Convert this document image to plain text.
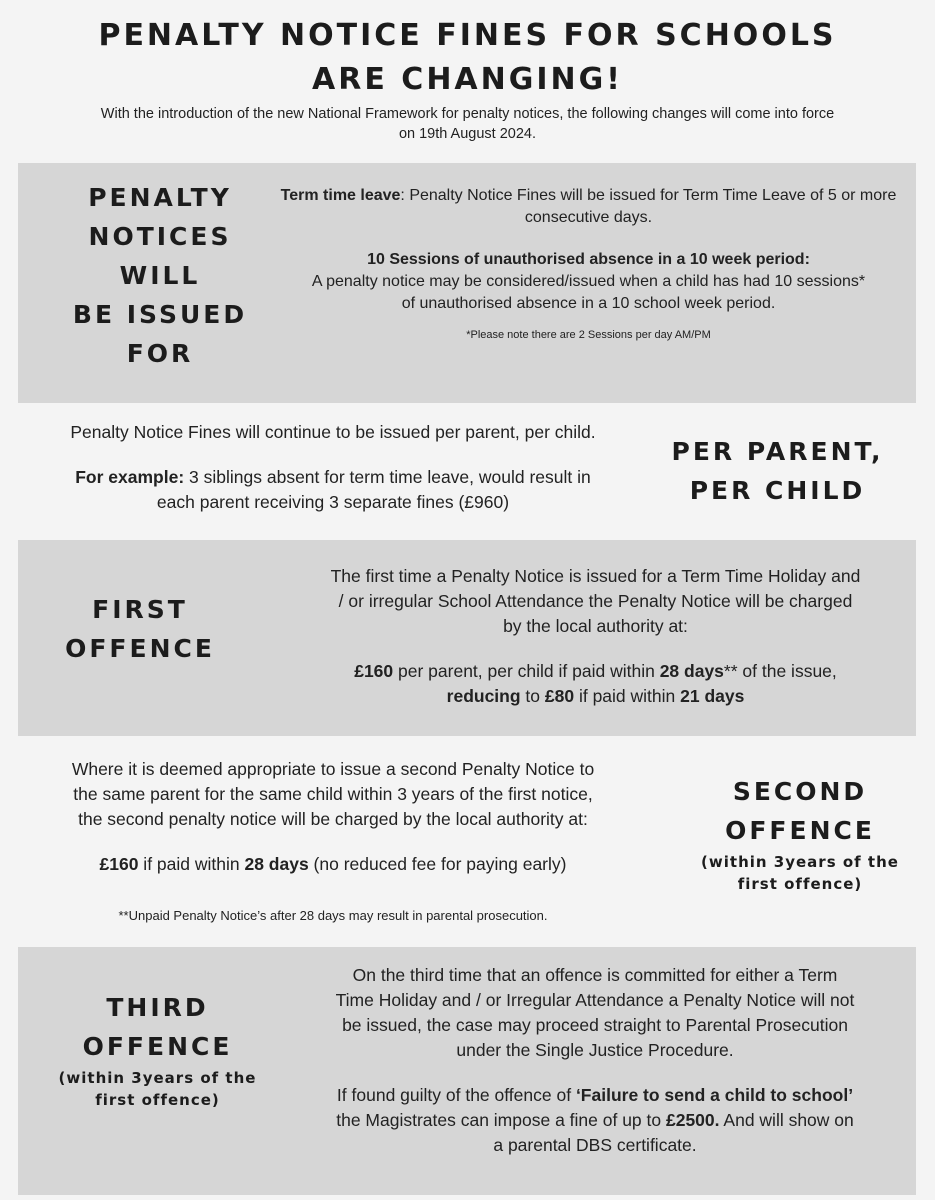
PENALTY NOTICE FINES FOR SCHOOLS
ARE CHANGING!
With the introduction of the new National Framework for penalty notices, the following changes will come into force
on 19th August 2024.
PENALTY
NOTICES
WILL
BE ISSUED
FOR
Term time leave: Penalty Notice Fines will be issued for Term Time Leave of 5 or more consecutive days.
10 Sessions of unauthorised absence in a 10 week period:
A penalty notice may be considered/issued when a child has had 10 sessions*
of unauthorised absence in a 10 school week period.
*Please note there are 2 Sessions per day AM/PM
Penalty Notice Fines will continue to be issued per parent, per child.
For example: 3 siblings absent for term time leave, would result in
each parent receiving 3 separate fines (£960)
PER PARENT,
PER CHILD
FIRST
OFFENCE
The first time a Penalty Notice is issued for a Term Time Holiday and
/ or irregular School Attendance the Penalty Notice will be charged
by the local authority at:
£160 per parent, per child if paid within 28 days** of the issue,
reducing to £80 if paid within 21 days
Where it is deemed appropriate to issue a second Penalty Notice to
the same parent for the same child within 3 years of the first notice,
the second penalty notice will be charged by the local authority at:
£160 if paid within 28 days (no reduced fee for paying early)
**Unpaid Penalty Notice’s after 28 days may result in parental prosecution.
SECOND
OFFENCE
(within 3years of the
first offence)
THIRD
OFFENCE
(within 3years of the
first offence)
On the third time that an offence is committed for either a Term
Time Holiday and / or Irregular Attendance a Penalty Notice will not
be issued, the case may proceed straight to Parental Prosecution
under the Single Justice Procedure.
If found guilty of the offence of ‘Failure to send a child to school’
the Magistrates can impose a fine of up to £2500. And will show on
a parental DBS certificate.
